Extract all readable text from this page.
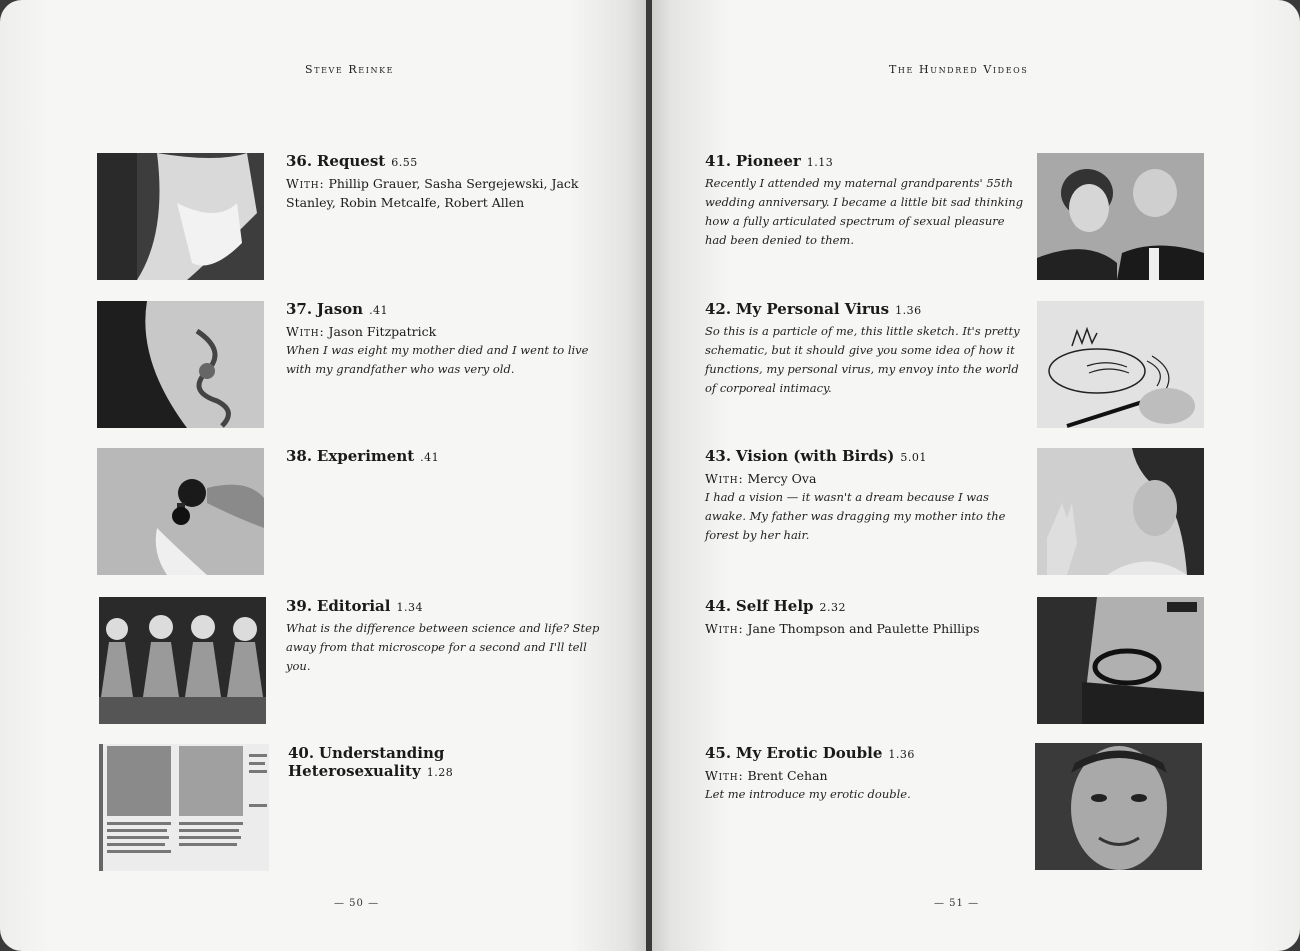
Steve Reinke

36. Request 6.55

With: Phillip Grauer, Sasha Sergejewski, Jack Stanley, Robin Metcalfe, Robert Allen

37. Jason .41

With: Jason Fitzpatrick

When I was eight my mother died and I went to live with my grandfather who was very old.

38. Experiment .41

39. Editorial 1.34

What is the difference between science and life? Step away from that microscope for a second and I'll tell you.

40. Understanding Heterosexuality 1.28

— 50 —
The Hundred Videos

41. Pioneer 1.13

Recently I attended my maternal grandparents' 55th wedding anniversary. I became a little bit sad thinking how a fully articulated spectrum of sexual pleasure had been denied to them.

42. My Personal Virus 1.36

So this is a particle of me, this little sketch. It's pretty schematic, but it should give you some idea of how it functions, my personal virus, my envoy into the world of corporeal intimacy.

43. Vision (with Birds) 5.01

With: Mercy Ova

I had a vision — it wasn't a dream because I was awake. My father was dragging my mother into the forest by her hair.

44. Self Help 2.32

With: Jane Thompson and Paulette Phillips

45. My Erotic Double 1.36

With: Brent Cehan

Let me introduce my erotic double.

— 51 —
